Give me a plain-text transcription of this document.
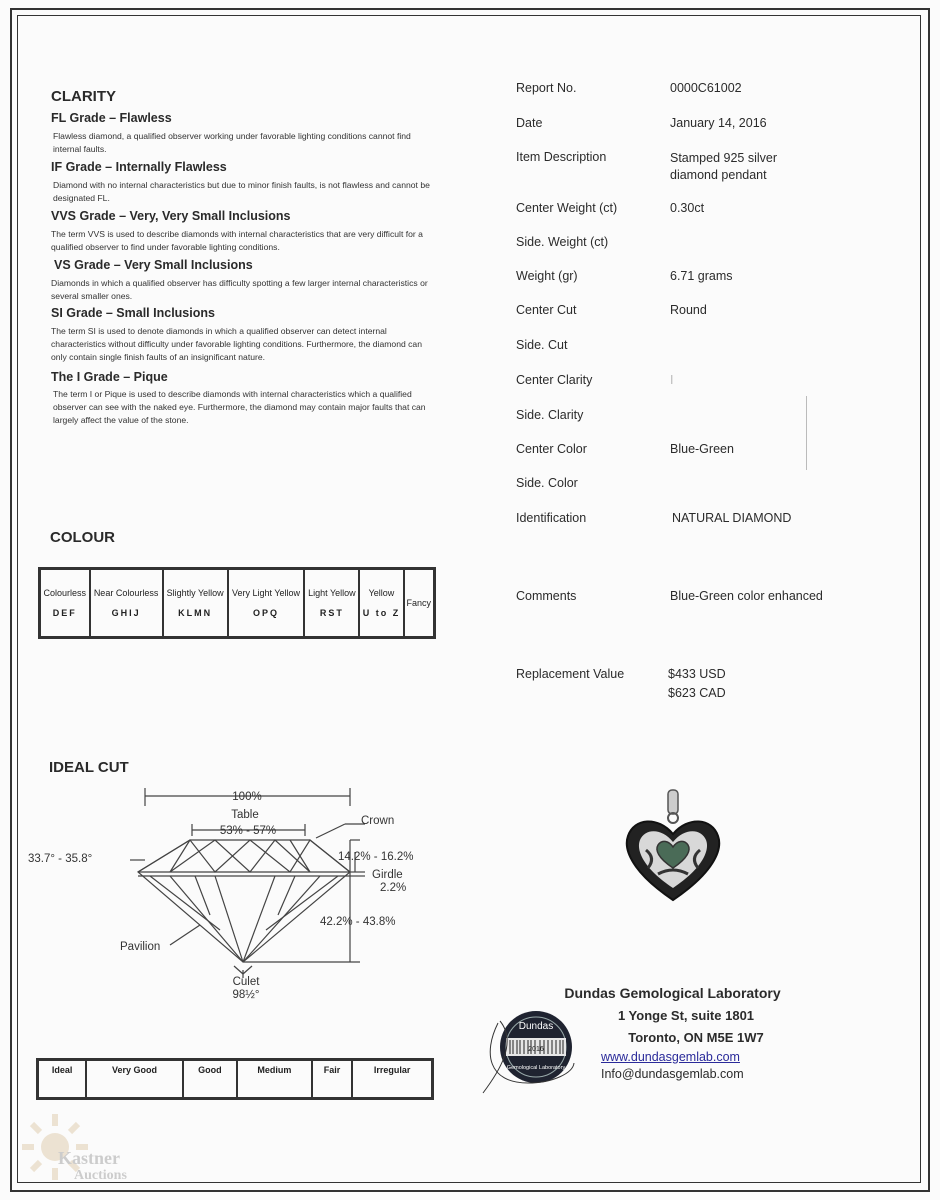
CLARITY
FL Grade – Flawless
Flawless diamond, a qualified observer working under favorable lighting conditions cannot find internal faults.
IF Grade – Internally Flawless
Diamond with no internal characteristics but due to minor finish faults, is not flawless and cannot be designated FL.
VVS Grade – Very, Very Small Inclusions
The term VVS is used to describe diamonds with internal characteristics that are very difficult for a qualified observer to find under favorable lighting conditions.
VS Grade – Very Small Inclusions
Diamonds in which a qualified observer has difficulty spotting a few larger internal characteristics or several smaller ones.
SI Grade – Small Inclusions
The term SI is used to denote diamonds in which a qualified observer can detect internal characteristics without difficulty under favorable lighting conditions. Furthermore, the diamond can only contain single finish faults of an insignificant nature.
The I Grade – Pique
The term I or Pique is used to describe diamonds with internal characteristics which a qualified observer can see with the naked eye. Furthermore, the diamond may contain major faults that can largely affect the value of the stone.
COLOUR
Colourless
DEF
	Near Colourless
GHIJ
	Slightly Yellow
KLMN
	Very Light Yellow
OPQ
	Light Yellow
RST
	Yellow
U to Z
	Fancy
IDEAL CUT
100%
Table
53% - 57%
Crown
33.7° - 35.8°	14.2% - 16.2%
Girdle
2.2%
42.2% - 43.8%
Pavilion
Culet
98½°
Ideal	Very Good	Good	Medium	Fair	Irregular
Report No.	0000C61002
Date	January 14, 2016
Item Description	Stamped 925 silver diamond pendant
Center Weight (ct)	0.30ct
Side. Weight (ct)
Weight (gr)	6.71 grams
Center Cut	Round
Side. Cut
Center Clarity	I
Side. Clarity
Center Color	Blue-Green
Side. Color
Identification	NATURAL DIAMOND
Comments	Blue-Green color enhanced
Replacement Value	$433 USD
$623 CAD
Dundas
2016
Gemological Laboratory
Dundas Gemological Laboratory
1 Yonge St, suite 1801
Toronto, ON M5E 1W7
www.dundasgemlab.com
Info@dundasgemlab.com
Kastner
Auctions
